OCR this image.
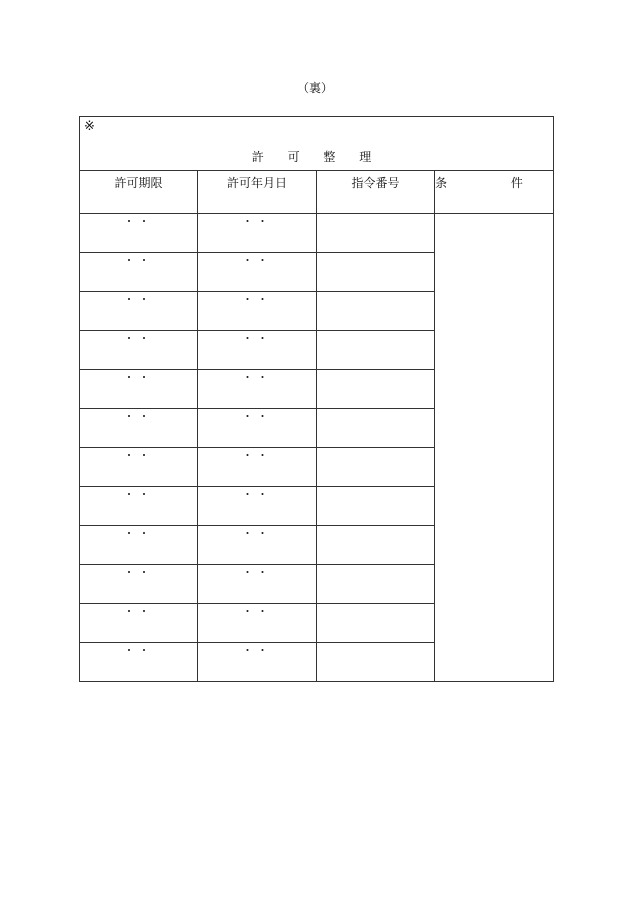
（裏）
※
許 可 整 理			

許可期限	許可年月日	指令番号	条 件

・・	・・		

・・	・・		

・・	・・		

・・	・・		

・・	・・		

・・	・・		

・・	・・		

・・	・・		

・・	・・		

・・	・・		

・・	・・		

・・	・・		
